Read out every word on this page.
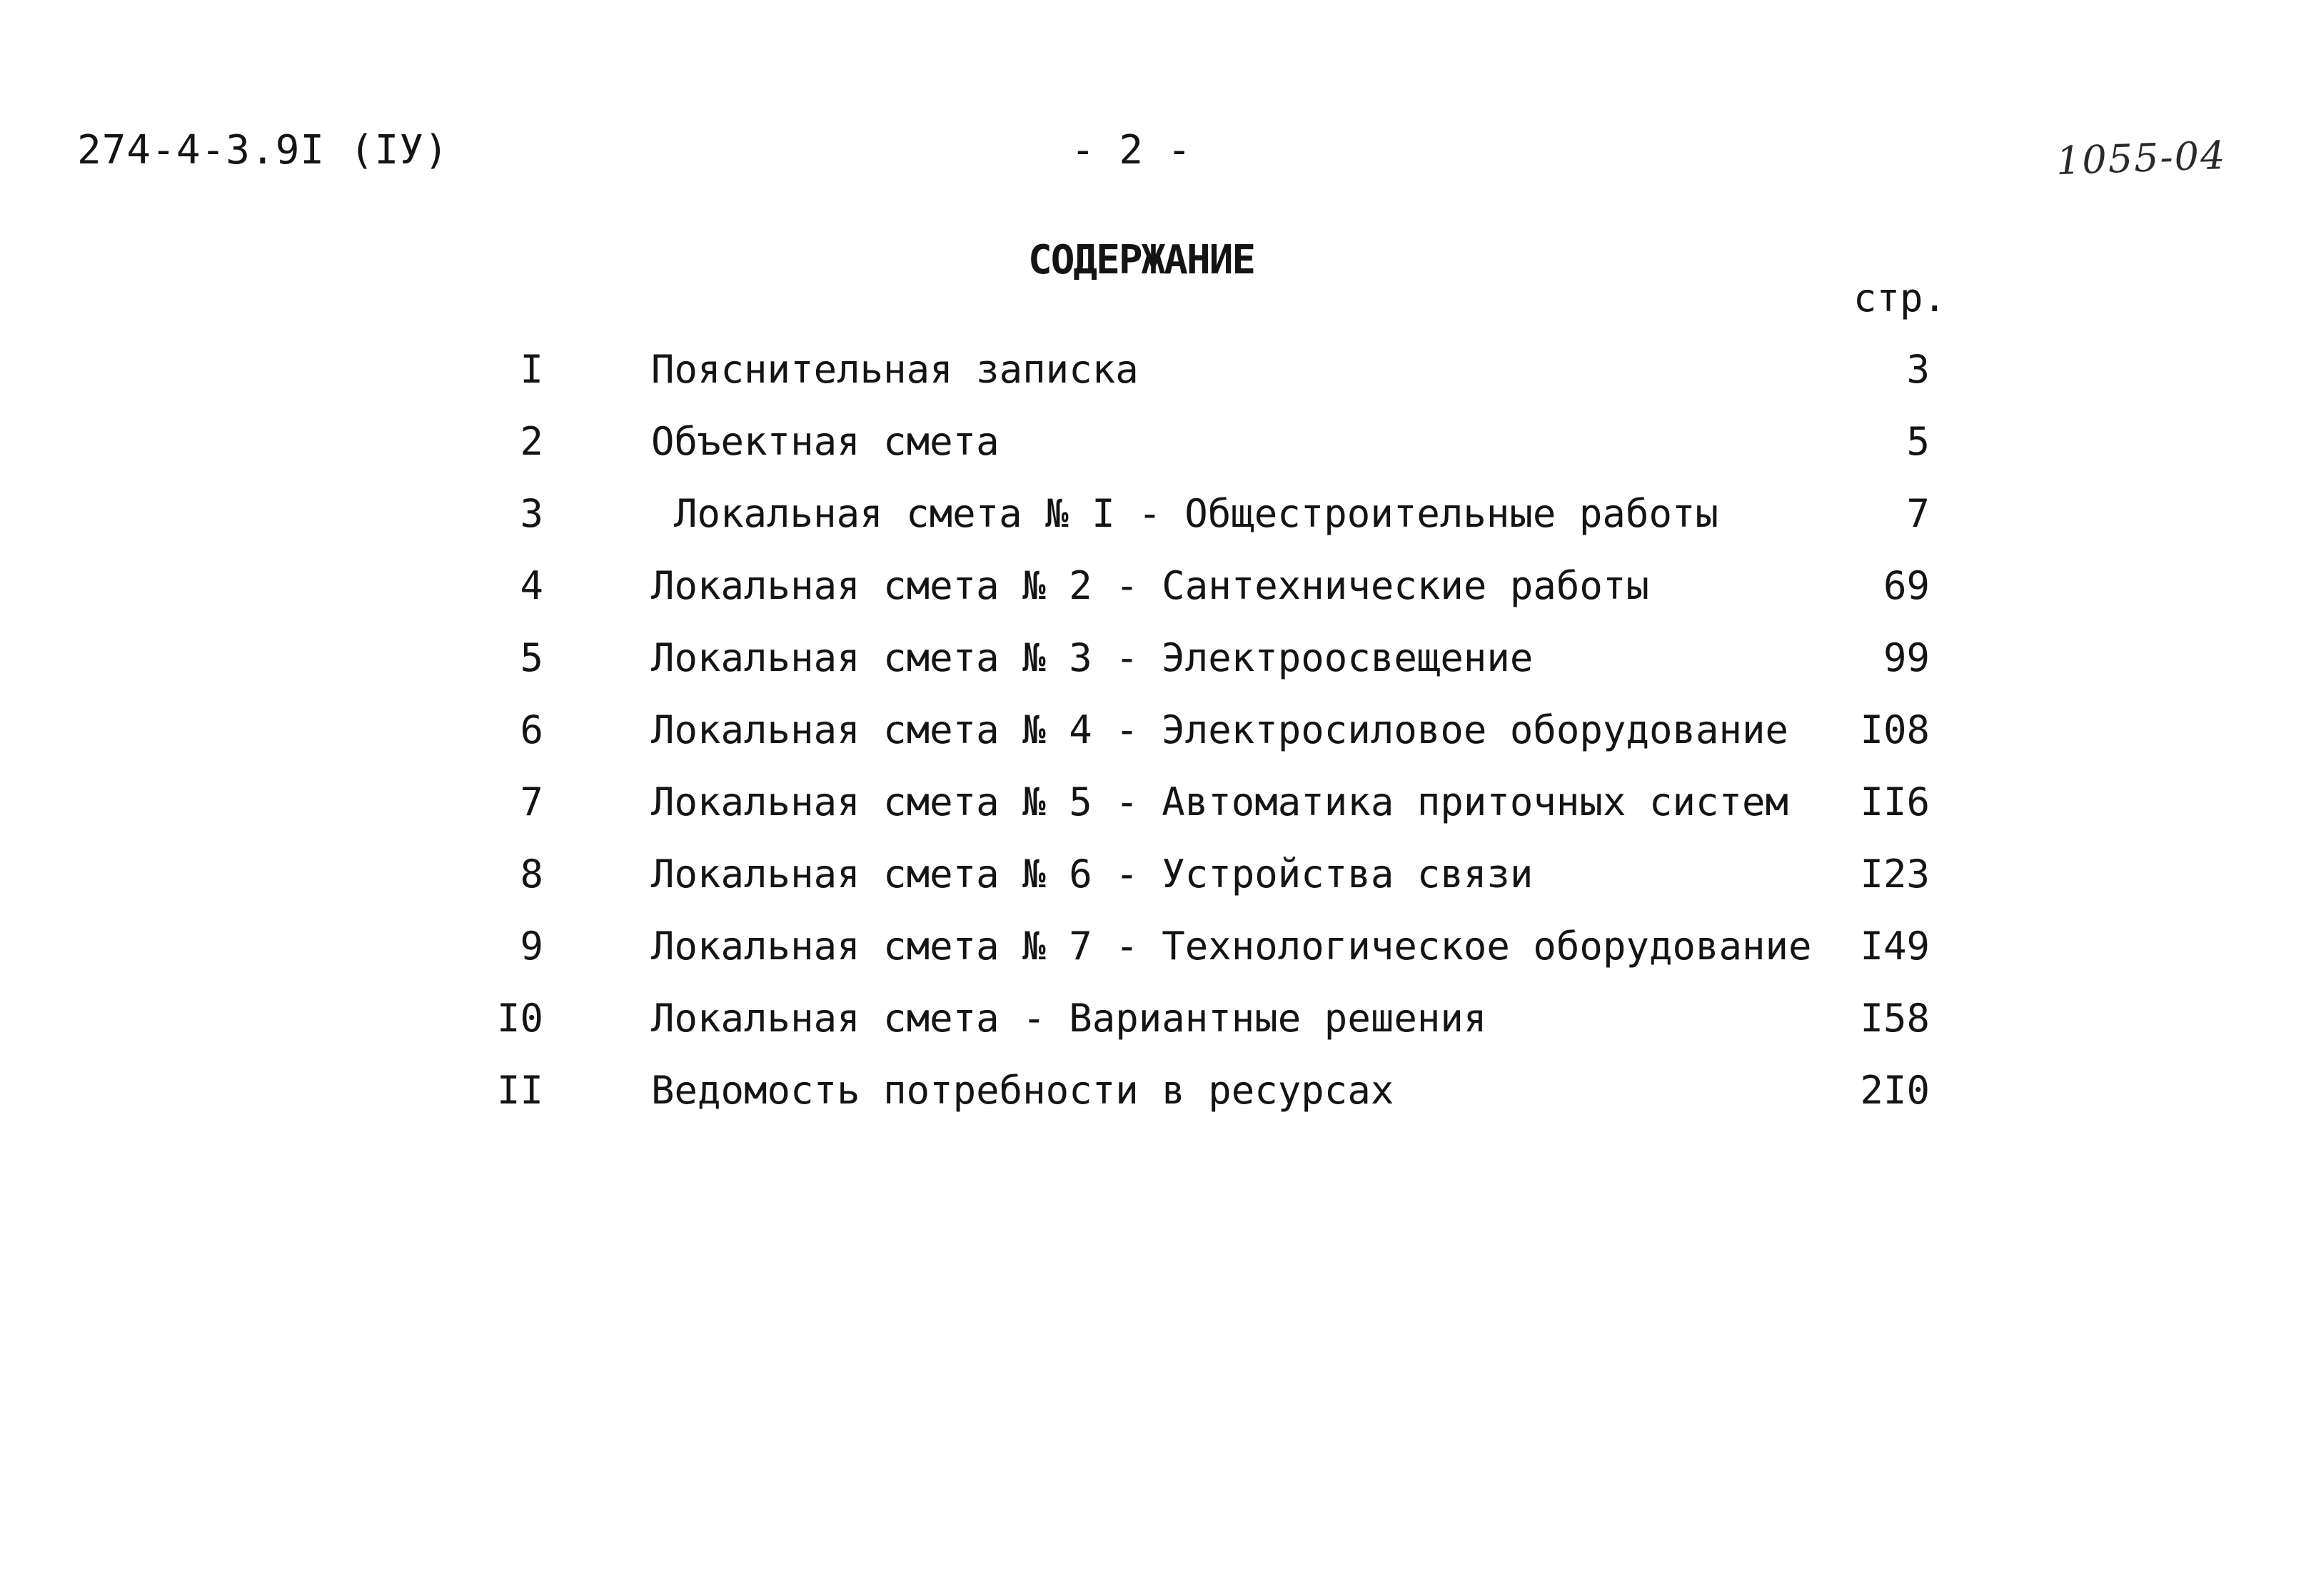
274-4-3.9I (IУ)	- 2 -	1055-04
СОДЕРЖАНИЕ
стр.
I	Пояснительная записка	3
2	Объектная смета	5
3	Локальная смета № I - Общестроительные работы	7
4	Локальная смета № 2 - Сантехнические работы	69
5	Локальная смета № 3 - Электроосвещение	99
6	Локальная смета № 4 - Электросиловое оборудование I08
7	Локальная смета № 5 - Автоматика приточных систем II6
8	Локальная смета № 6 - Устройства связи	I23
9	Локальная смета № 7 - Технологическое оборудование I49
I0	Локальная смета - Вариантные решения	I58
II	Ведомость потребности в ресурсах	2I0
